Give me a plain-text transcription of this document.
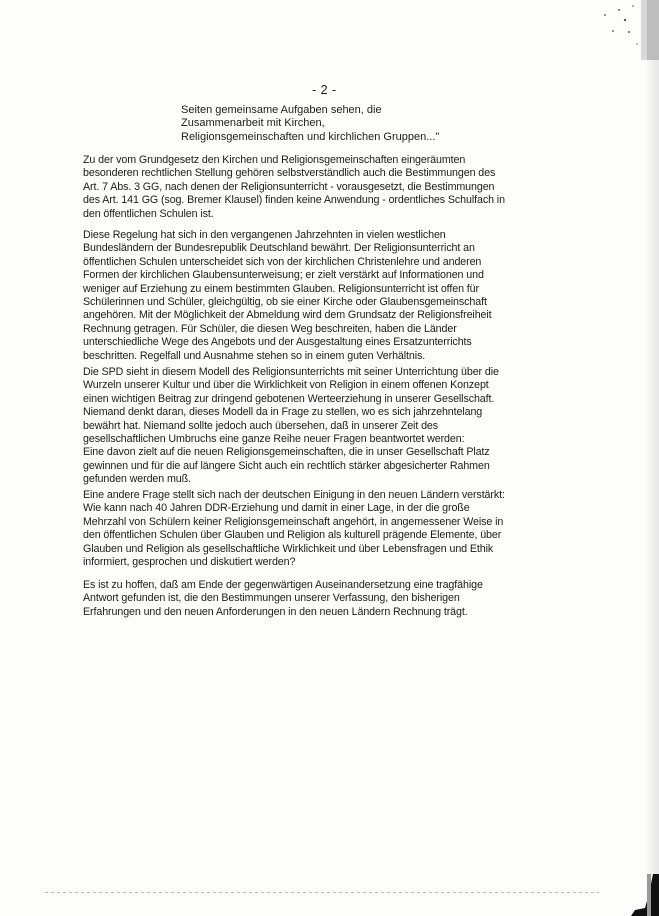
- 2 -

Seiten gemeinsame Aufgaben sehen, die

Zusammenarbeit mit Kirchen,

Religionsgemeinschaften und kirchlichen Gruppen..."

Zu der vom Grundgesetz den Kirchen und Religionsgemeinschaften eingeräumten
besonderen rechtlichen Stellung gehören selbstverständlich auch die Bestimmungen des
Art. 7 Abs. 3 GG, nach denen der Religionsunterricht - vorausgesetzt, die Bestimmungen
des Art. 141 GG (sog. Bremer Klausel) finden keine Anwendung - ordentliches Schulfach in
den öffentlichen Schulen ist.
Diese Regelung hat sich in den vergangenen Jahrzehnten in vielen westlichen
Bundesländern der Bundesrepublik Deutschland bewährt. Der Religionsunterricht an
öffentlichen Schulen unterscheidet sich von der kirchlichen Christenlehre und anderen
Formen der kirchlichen Glaubensunterweisung; er zielt verstärkt auf Informationen und
weniger auf Erziehung zu einem bestimmten Glauben. Religionsunterricht ist offen für
Schülerinnen und Schüler, gleichgültig, ob sie einer Kirche oder Glaubensgemeinschaft
angehören. Mit der Möglichkeit der Abmeldung wird dem Grundsatz der Religionsfreiheit
Rechnung getragen. Für Schüler, die diesen Weg beschreiten, haben die Länder
unterschiedliche Wege des Angebots und der Ausgestaltung eines Ersatzunterrichts
beschritten. Regelfall und Ausnahme stehen so in einem guten Verhältnis.
Die SPD sieht in diesem Modell des Religionsunterrichts mit seiner Unterrichtung über die
Wurzeln unserer Kultur und über die Wirklichkeit von Religion in einem offenen Konzept
einen wichtigen Beitrag zur dringend gebotenen Werteerziehung in unserer Gesellschaft.
Niemand denkt daran, dieses Modell da in Frage zu stellen, wo es sich jahrzehntelang
bewährt hat. Niemand sollte jedoch auch übersehen, daß in unserer Zeit des
gesellschaftlichen Umbruchs eine ganze Reihe neuer Fragen beantwortet werden:
Eine davon zielt auf die neuen Religionsgemeinschaften, die in unser Gesellschaft Platz
gewinnen und für die auf längere Sicht auch ein rechtlich stärker abgesicherter Rahmen
gefunden werden muß.
Eine andere Frage stellt sich nach der deutschen Einigung in den neuen Ländern verstärkt:
Wie kann nach 40 Jahren DDR-Erziehung und damit in einer Lage, in der die große
Mehrzahl von Schülern keiner Religionsgemeinschaft angehört, in angemessener Weise in
den öffentlichen Schulen über Glauben und Religion als kulturell prägende Elemente, über
Glauben und Religion als gesellschaftliche Wirklichkeit und über Lebensfragen und Ethik
informiert, gesprochen und diskutiert werden?
Es ist zu hoffen, daß am Ende der gegenwärtigen Auseinandersetzung eine tragfähige
Antwort gefunden ist, die den Bestimmungen unserer Verfassung, den bisherigen
Erfahrungen und den neuen Anforderungen in den neuen Ländern Rechnung trägt.
